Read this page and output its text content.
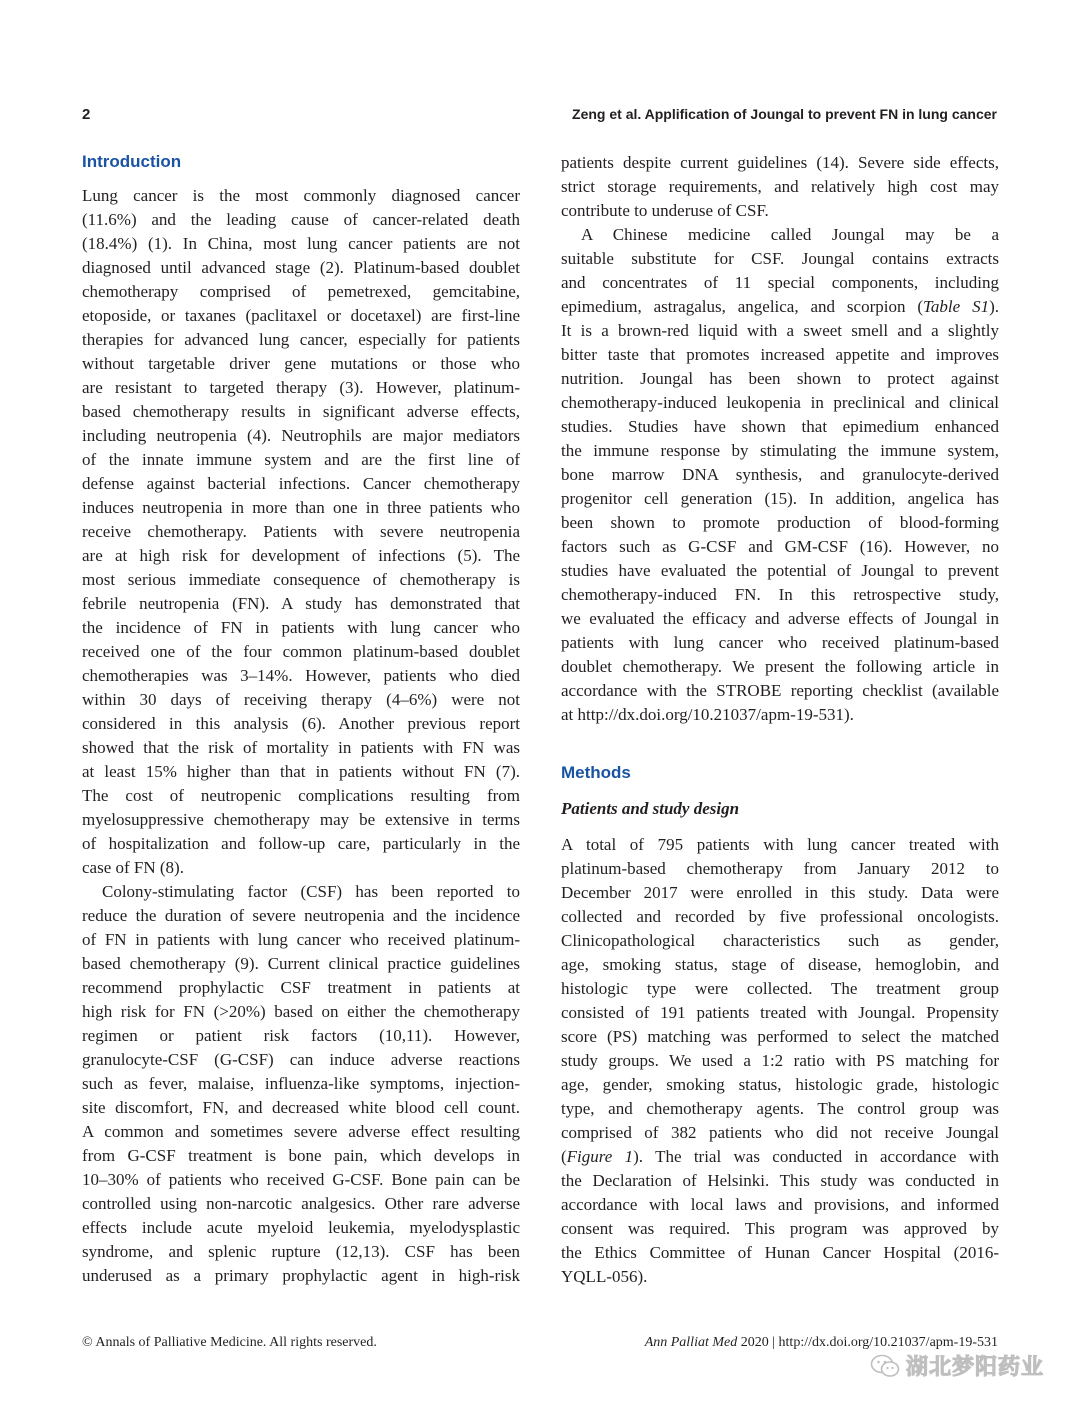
2	Zeng et al. Applification of Joungal to prevent FN in lung cancer
Introduction
Lung cancer is the most commonly diagnosed cancer
(11.6%) and the leading cause of cancer-related death
(18.4%) (1). In China, most lung cancer patients are not
diagnosed until advanced stage (2). Platinum-based doublet
chemotherapy comprised of pemetrexed, gemcitabine,
etoposide, or taxanes (paclitaxel or docetaxel) are first-line
therapies for advanced lung cancer, especially for patients
without targetable driver gene mutations or those who
are resistant to targeted therapy (3). However, platinum-
based chemotherapy results in significant adverse effects,
including neutropenia (4). Neutrophils are major mediators
of the innate immune system and are the first line of
defense against bacterial infections. Cancer chemotherapy
induces neutropenia in more than one in three patients who
receive chemotherapy. Patients with severe neutropenia
are at high risk for development of infections (5). The
most serious immediate consequence of chemotherapy is
febrile neutropenia (FN). A study has demonstrated that
the incidence of FN in patients with lung cancer who
received one of the four common platinum-based doublet
chemotherapies was 3–14%. However, patients who died
within 30 days of receiving therapy (4–6%) were not
considered in this analysis (6). Another previous report
showed that the risk of mortality in patients with FN was
at least 15% higher than that in patients without FN (7).
The cost of neutropenic complications resulting from
myelosuppressive chemotherapy may be extensive in terms
of hospitalization and follow-up care, particularly in the
case of FN (8).
Colony-stimulating factor (CSF) has been reported to
reduce the duration of severe neutropenia and the incidence
of FN in patients with lung cancer who received platinum-
based chemotherapy (9). Current clinical practice guidelines
recommend prophylactic CSF treatment in patients at
high risk for FN (>20%) based on either the chemotherapy
regimen or patient risk factors (10,11). However,
granulocyte-CSF (G-CSF) can induce adverse reactions
such as fever, malaise, influenza-like symptoms, injection-
site discomfort, FN, and decreased white blood cell count.
A common and sometimes severe adverse effect resulting
from G-CSF treatment is bone pain, which develops in
10–30% of patients who received G-CSF. Bone pain can be
controlled using non-narcotic analgesics. Other rare adverse
effects include acute myeloid leukemia, myelodysplastic
syndrome, and splenic rupture (12,13). CSF has been
underused as a primary prophylactic agent in high-risk
patients despite current guidelines (14). Severe side effects,
strict storage requirements, and relatively high cost may
contribute to underuse of CSF.
A Chinese medicine called Joungal may be a
suitable substitute for CSF. Joungal contains extracts
and concentrates of 11 special components, including
epimedium, astragalus, angelica, and scorpion (Table S1).
It is a brown-red liquid with a sweet smell and a slightly
bitter taste that promotes increased appetite and improves
nutrition. Joungal has been shown to protect against
chemotherapy-induced leukopenia in preclinical and clinical
studies. Studies have shown that epimedium enhanced
the immune response by stimulating the immune system,
bone marrow DNA synthesis, and granulocyte-derived
progenitor cell generation (15). In addition, angelica has
been shown to promote production of blood-forming
factors such as G-CSF and GM-CSF (16). However, no
studies have evaluated the potential of Joungal to prevent
chemotherapy-induced FN. In this retrospective study,
we evaluated the efficacy and adverse effects of Joungal in
patients with lung cancer who received platinum-based
doublet chemotherapy. We present the following article in
accordance with the STROBE reporting checklist (available
at http://dx.doi.org/10.21037/apm-19-531).
Methods
Patients and study design
A total of 795 patients with lung cancer treated with
platinum-based chemotherapy from January 2012 to
December 2017 were enrolled in this study. Data were
collected and recorded by five professional oncologists.
Clinicopathological characteristics such as gender,
age, smoking status, stage of disease, hemoglobin, and
histologic type were collected. The treatment group
consisted of 191 patients treated with Joungal. Propensity
score (PS) matching was performed to select the matched
study groups. We used a 1:2 ratio with PS matching for
age, gender, smoking status, histologic grade, histologic
type, and chemotherapy agents. The control group was
comprised of 382 patients who did not receive Joungal
(Figure 1). The trial was conducted in accordance with
the Declaration of Helsinki. This study was conducted in
accordance with local laws and provisions, and informed
consent was required. This program was approved by
the Ethics Committee of Hunan Cancer Hospital (2016-
YQLL-056).
© Annals of Palliative Medicine. All rights reserved.	Ann Palliat Med 2020 | http://dx.doi.org/10.21037/apm-19-531
湖北梦阳药业
